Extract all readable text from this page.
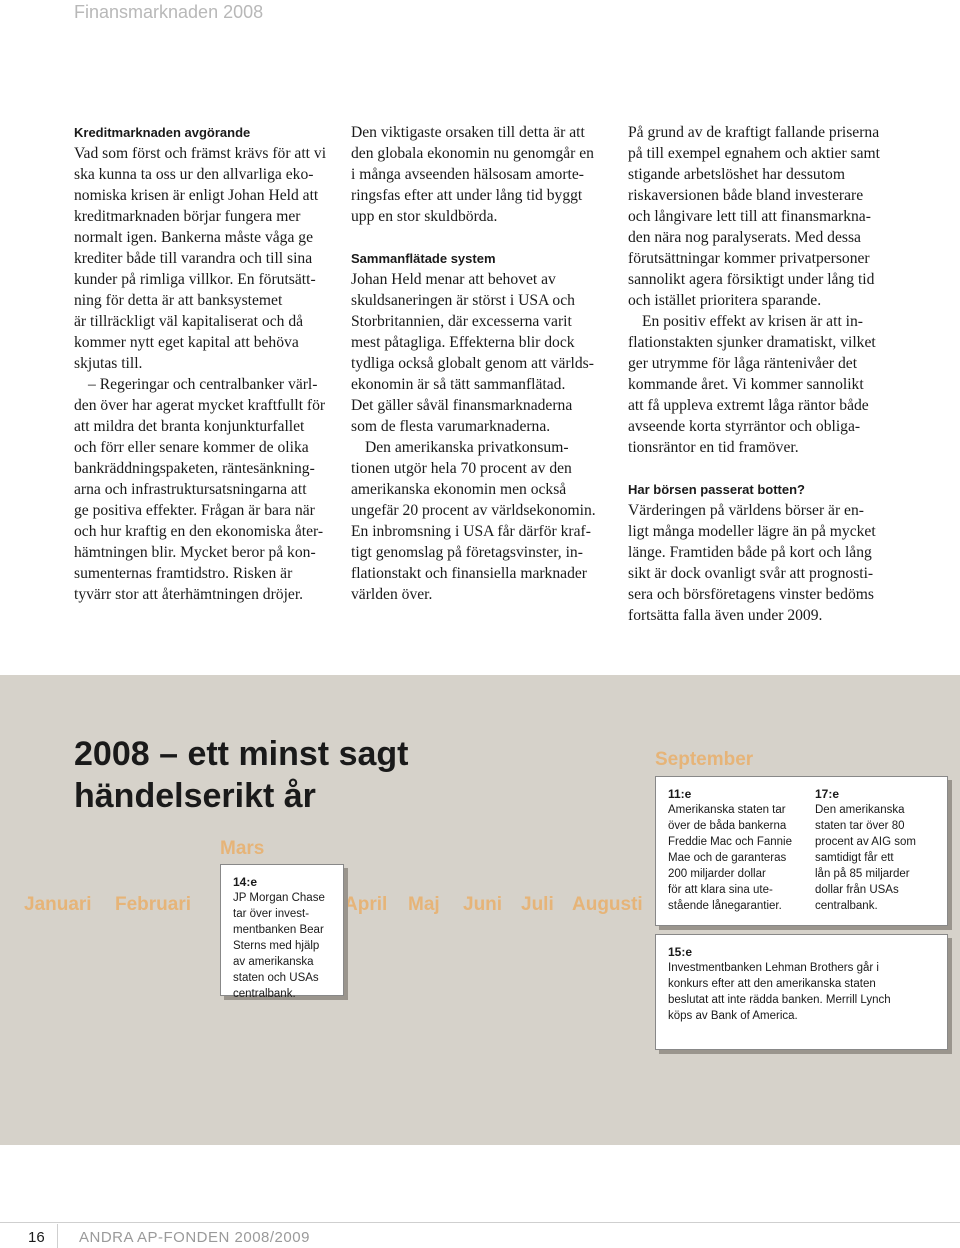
Finansmarknaden 2008

Kreditmarknaden avgörande

Vad som först och främst krävs för att vi
ska kunna ta oss ur den allvarliga eko-
nomiska krisen är enligt Johan Held att
kreditmarknaden börjar fungera mer
normalt igen. Bankerna måste våga ge
krediter både till varandra och till sina
kunder på rimliga villkor. En förutsätt-
ning för detta är att banksystemet
är tillräckligt väl kapitaliserat och då
kommer nytt eget kapital att behöva
skjutas till.
– Regeringar och centralbanker värl-
den över har agerat mycket kraftfullt för
att mildra det branta konjunkturfallet
och förr eller senare kommer de olika
bankräddningspaketen, räntesänkning-
arna och infrastruktursatsningarna att
ge positiva effekter. Frågan är bara när
och hur kraftig en den ekonomiska åter-
hämtningen blir. Mycket beror på kon-
sumenternas framtidstro. Risken är
tyvärr stor att återhämtningen dröjer.
Den viktigaste orsaken till detta är att
den globala ekonomin nu genomgår en
i många avseenden hälsosam amorte-
ringsfas efter att under lång tid byggt
upp en stor skuldbörda.

Sammanflätade system

Johan Held menar att behovet av
skuldsaneringen är störst i USA och
Storbritannien, där excesserna varit
mest påtagliga. Effekterna blir dock
tydliga också globalt genom att världs-
ekonomin är så tätt sammanflätad.
Det gäller såväl finansmarknaderna
som de flesta varumarknaderna.
Den amerikanska privatkonsum-
tionen utgör hela 70 procent av den
amerikanska ekonomin men också
ungefär 20 procent av världsekonomin.
En inbromsning i USA får därför kraf-
tigt genomslag på företagsvinster, in-
flationstakt och finansiella marknader
världen över.
På grund av de kraftigt fallande priserna
på till exempel egnahem och aktier samt
stigande arbetslöshet har dessutom
riskaversionen både bland investerare
och långivare lett till att finansmarkna-
den nära nog paralyserats. Med dessa
förutsättningar kommer privatpersoner
sannolikt agera försiktigt under lång tid
och istället prioritera sparande.
En positiv effekt av krisen är att in-
flationstakten sjunker dramatiskt, vilket
ger utrymme för låga räntenivåer det
kommande året. Vi kommer sannolikt
att få uppleva extremt låga räntor både
avseende korta styrräntor och obliga-
tionsräntor en tid framöver.

Har börsen passerat botten?

Värderingen på världens börser är en-
ligt många modeller lägre än på mycket
länge. Framtiden både på kort och lång
sikt är dock ovanligt svår att prognosti-
sera och börsföretagens vinster bedöms
fortsätta falla även under 2009.
2008 – ett minst sagt
händelserikt år
Januari Februari
Mars
April Maj Juni Juli Augusti
September

14:e

JP Morgan Chase
tar över invest-
mentbanken Bear
Sterns med hjälp
av amerikanska
staten och USAs
centralbank.

11:e

Amerikanska staten tar
över de båda bankerna
Freddie Mac och Fannie
Mae och de garanteras
200 miljarder dollar
för att klara sina ute-
stående lånegarantier.

17:e

Den amerikanska
staten tar över 80
procent av AIG som
samtidigt får ett
lån på 85 miljarder
dollar från USAs
centralbank.

15:e

Investmentbanken Lehman Brothers går i
konkurs efter att den amerikanska staten
beslutat att inte rädda banken. Merrill Lynch
köps av Bank of America.
16 ANDRA AP-FONDEN 2008/2009
